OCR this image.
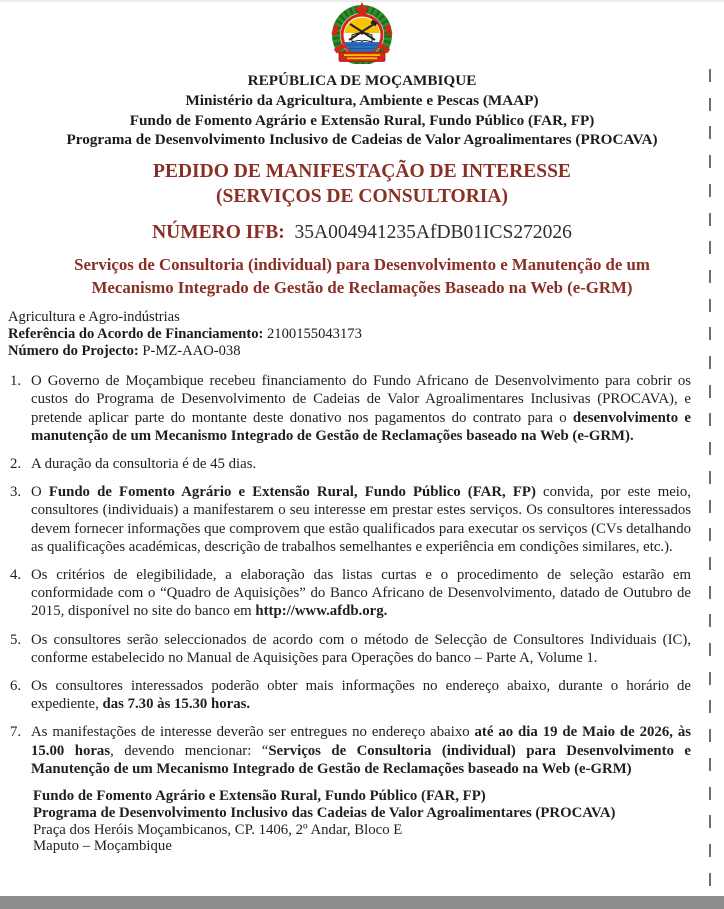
REPÚBLICA DE MOÇAMBIQUE
Ministério da Agricultura, Ambiente e Pescas (MAAP)
Fundo de Fomento Agrário e Extensão Rural, Fundo Público (FAR, FP)
Programa de Desenvolvimento Inclusivo de Cadeias de Valor Agroalimentares (PROCAVA)
PEDIDO DE MANIFESTAÇÃO DE INTERESSE
(SERVIÇOS DE CONSULTORIA)
NÚMERO IFB: 35A004941235AfDB01ICS272026
Serviços de Consultoria (individual) para Desenvolvimento e Manutenção de um Mecanismo Integrado de Gestão de Reclamações Baseado na Web (e-GRM)
Agricultura e Agro-indústrias
Referência do Acordo de Financiamento: 2100155043173
Número do Projecto: P-MZ-AAO-038
1. O Governo de Moçambique recebeu financiamento do Fundo Africano de Desenvolvimento para cobrir os custos do Programa de Desenvolvimento de Cadeias de Valor Agroalimentares Inclusivas (PROCAVA), e pretende aplicar parte do montante deste donativo nos pagamentos do contrato para o desenvolvimento e manutenção de um Mecanismo Integrado de Gestão de Reclamações baseado na Web (e-GRM).
2. A duração da consultoria é de 45 dias.
3. O Fundo de Fomento Agrário e Extensão Rural, Fundo Público (FAR, FP) convida, por este meio, consultores (individuais) a manifestarem o seu interesse em prestar estes serviços. Os consultores interessados devem fornecer informações que comprovem que estão qualificados para executar os serviços (CVs detalhando as qualificações académicas, descrição de trabalhos semelhantes e experiência em condições similares, etc.).
4. Os critérios de elegibilidade, a elaboração das listas curtas e o procedimento de seleção estarão em conformidade com o “Quadro de Aquisições” do Banco Africano de Desenvolvimento, datado de Outubro de 2015, disponível no site do banco em http://www.afdb.org.
5. Os consultores serão seleccionados de acordo com o método de Selecção de Consultores Individuais (IC), conforme estabelecido no Manual de Aquisições para Operações do banco – Parte A, Volume 1.
6. Os consultores interessados poderão obter mais informações no endereço abaixo, durante o horário de expediente, das 7.30 às 15.30 horas.
7. As manifestações de interesse deverão ser entregues no endereço abaixo até ao dia 19 de Maio de 2026, às 15.00 horas, devendo mencionar: “Serviços de Consultoria (individual) para Desenvolvimento e Manutenção de um Mecanismo Integrado de Gestão de Reclamações baseado na Web (e-GRM)
Fundo de Fomento Agrário e Extensão Rural, Fundo Público (FAR, FP)
Programa de Desenvolvimento Inclusivo das Cadeias de Valor Agroalimentares (PROCAVA)
Praça dos Heróis Moçambicanos, CP. 1406, 2º Andar, Bloco E
Maputo – Moçambique
